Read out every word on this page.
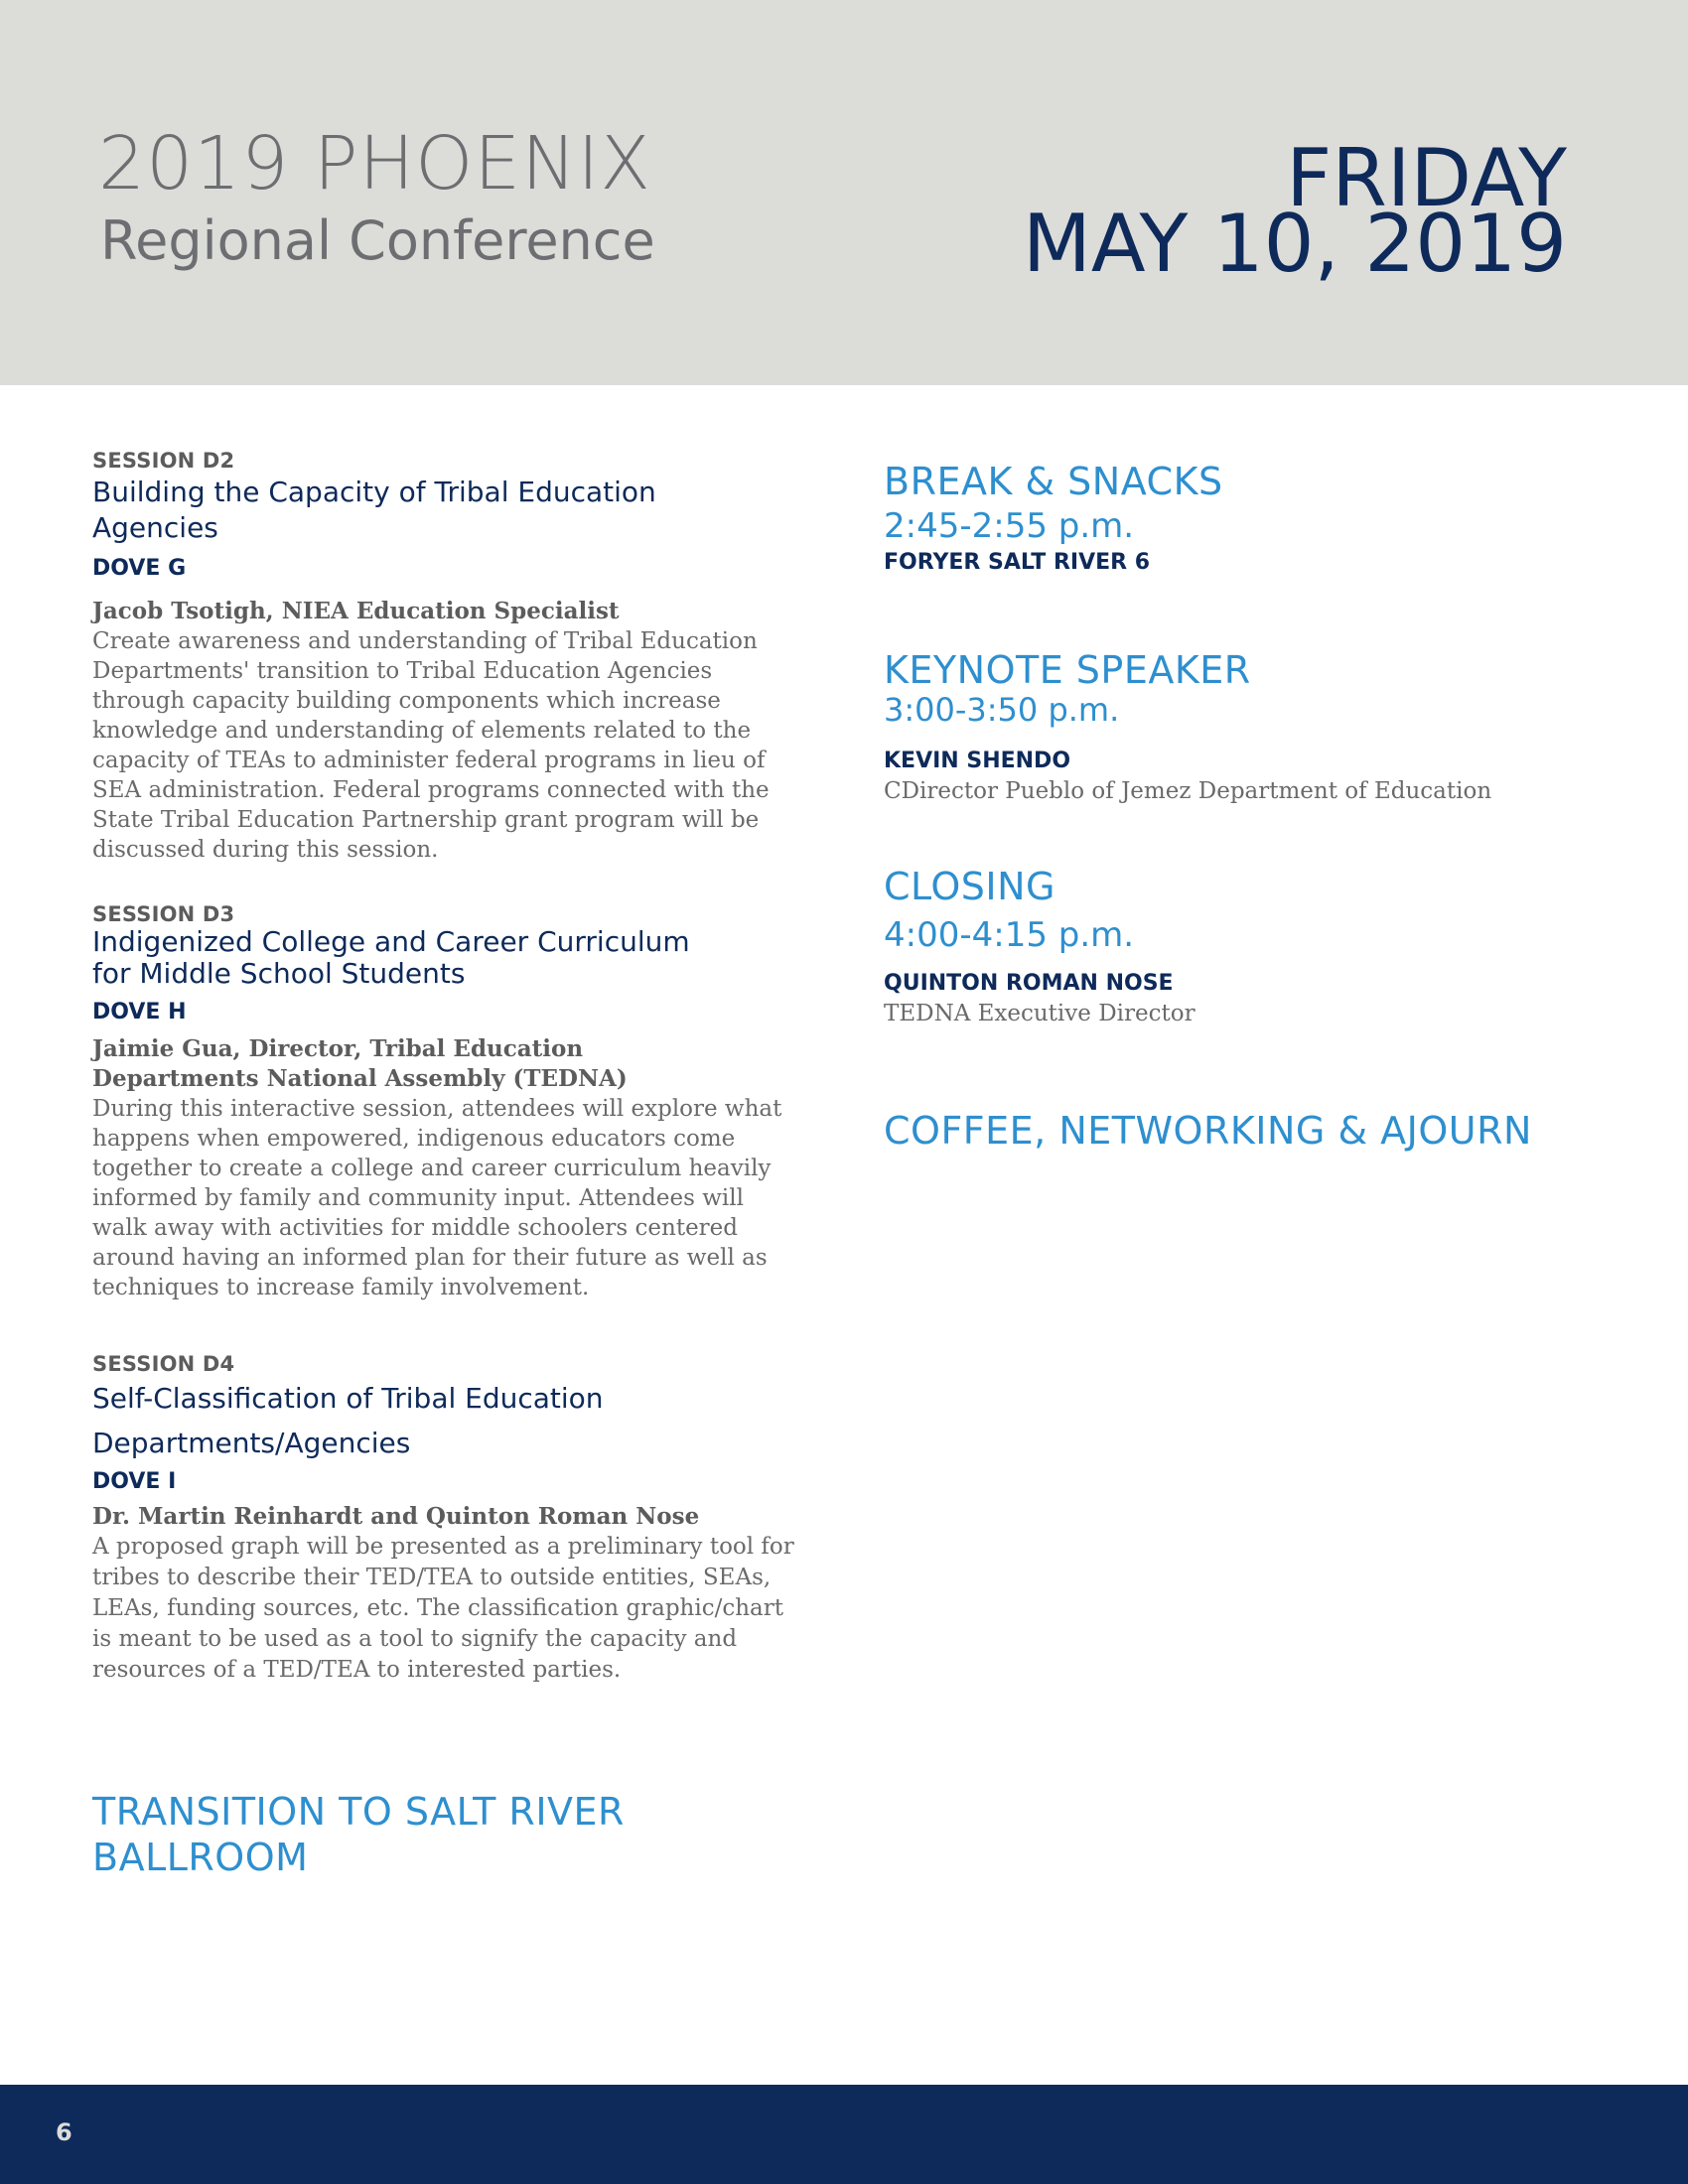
2019 PHOENIX
Regional Conference
FRIDAY
MAY 10, 2019
SESSION D2
Building the Capacity of Tribal Education Agencies
DOVE G
Jacob Tsotigh, NIEA Education Specialist
Create awareness and understanding of Tribal Education Departments' transition to Tribal Education Agencies through capacity building components which increase knowledge and understanding of elements related to the capacity of TEAs to administer federal programs in lieu of SEA administration. Federal programs connected with the State Tribal Education Partnership grant program will be discussed during this session.
SESSION D3
Indigenized College and Career Curriculum for Middle School Students
DOVE H
Jaimie Gua, Director, Tribal Education Departments National Assembly (TEDNA)
During this interactive session, attendees will explore what happens when empowered, indigenous educators come together to create a college and career curriculum heavily informed by family and community input. Attendees will walk away with activities for middle schoolers centered around having an informed plan for their future as well as techniques to increase family involvement.
SESSION D4
Self-Classification of Tribal Education Departments/Agencies
DOVE I
Dr. Martin Reinhardt and Quinton Roman Nose
A proposed graph will be presented as a preliminary tool for tribes to describe their TED/TEA to outside entities, SEAs, LEAs, funding sources, etc. The classification graphic/chart is meant to be used as a tool to signify the capacity and resources of a TED/TEA to interested parties.
TRANSITION TO SALT RIVER BALLROOM
BREAK & SNACKS
2:45-2:55 p.m.
FORYER SALT RIVER 6
KEYNOTE SPEAKER
3:00-3:50 p.m.
KEVIN SHENDO
CDirector Pueblo of Jemez Department of Education
CLOSING
4:00-4:15 p.m.
QUINTON ROMAN NOSE
TEDNA Executive Director
COFFEE, NETWORKING & AJOURN
6
